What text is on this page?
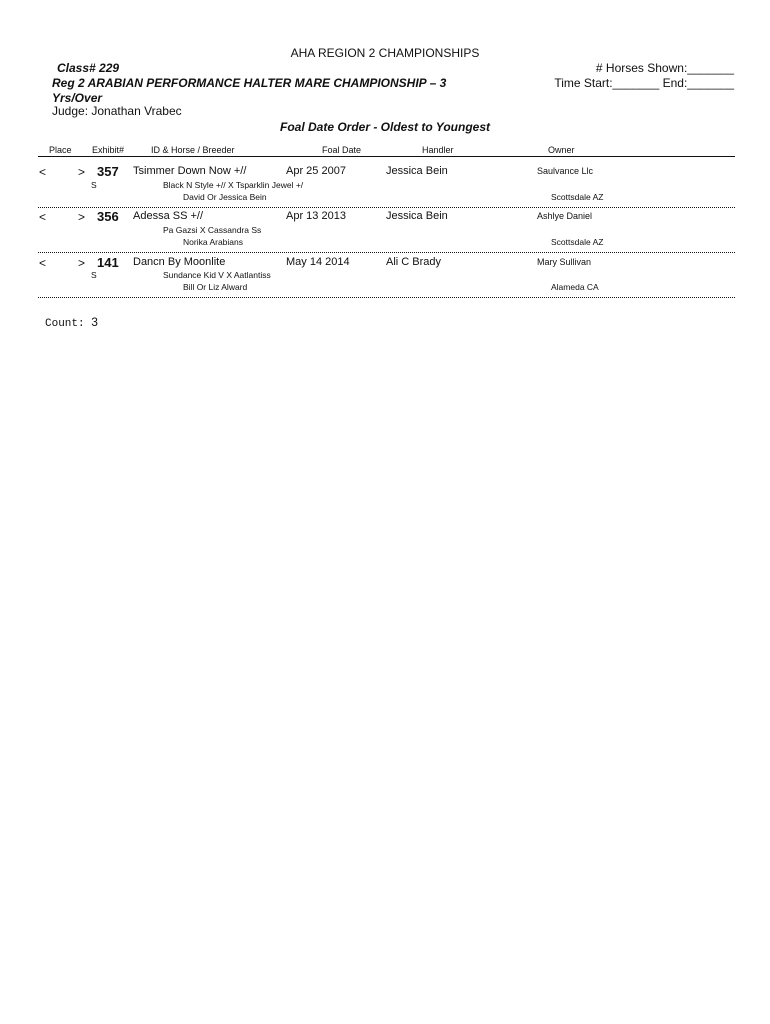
AHA REGION 2 CHAMPIONSHIPS
Class# 229
Reg 2 ARABIAN PERFORMANCE HALTER MARE CHAMPIONSHIP – 3 Yrs/Over
Judge: Jonathan Vrabec
# Horses Shown:_______
Time Start:_______ End:_______
Foal Date Order - Oldest to Youngest
Place Exhibit#	ID & Horse / Breeder	Foal Date	Handler	Owner
<	> 357 Tsimmer Down Now +//	Apr 25 2007	Jessica Bein	Saulvance Llc
S	Black N Style +// X Tsparklin Jewel +/
David Or Jessica Bein	Scottsdale AZ
<	> 356 Adessa SS +//	Apr 13 2013	Jessica Bein	Ashlye Daniel
Pa Gazsi X Cassandra Ss
Norika Arabians	Scottsdale AZ
<	> 141 Dancn By Moonlite	May 14 2014	Ali C Brady	Mary Sullivan
S	Sundance Kid V X Aatlantiss
Bill Or Liz Alward	Alameda CA
Count: 3
